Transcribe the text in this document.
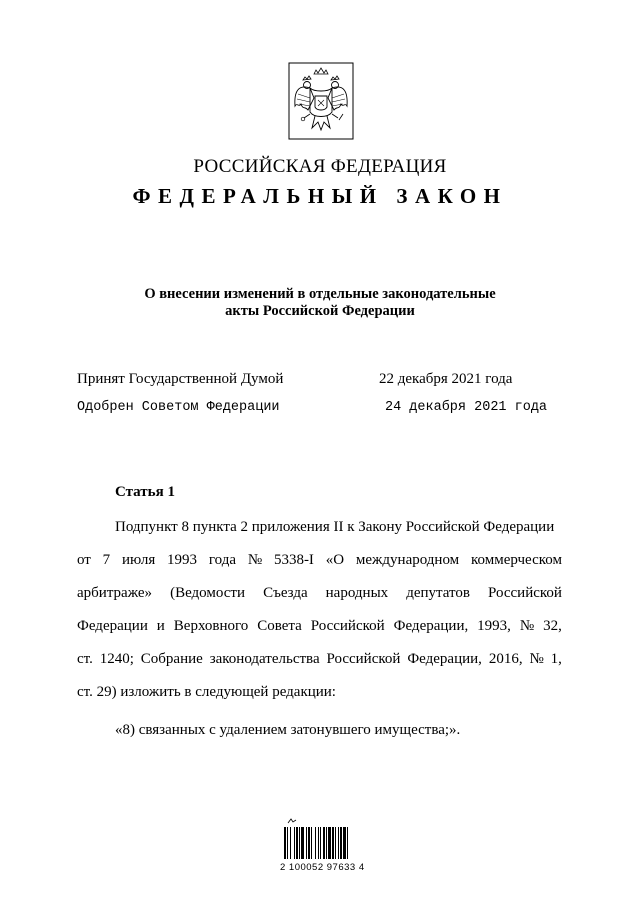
РОССИЙСКАЯ ФЕДЕРАЦИЯ
ФЕДЕРАЛЬНЫЙ ЗАКОН
О внесении изменений в отдельные законодательные
акты Российской Федерации
Принят Государственной Думой	22 декабря 2021 года
Одобрен Советом Федерации	24 декабря 2021 года
Статья 1
Подпункт 8 пункта 2 приложения II к Закону Российской Федерации
от 7 июля 1993 года № 5338-I «О международном коммерческом
арбитраже» (Ведомости Съезда народных депутатов Российской
Федерации и Верховного Совета Российской Федерации, 1993, № 32,
ст. 1240; Собрание законодательства Российской Федерации, 2016, № 1,
ст. 29) изложить в следующей редакции:
«8) связанных с удалением затонувшего имущества;».
2 100052 97633 4
